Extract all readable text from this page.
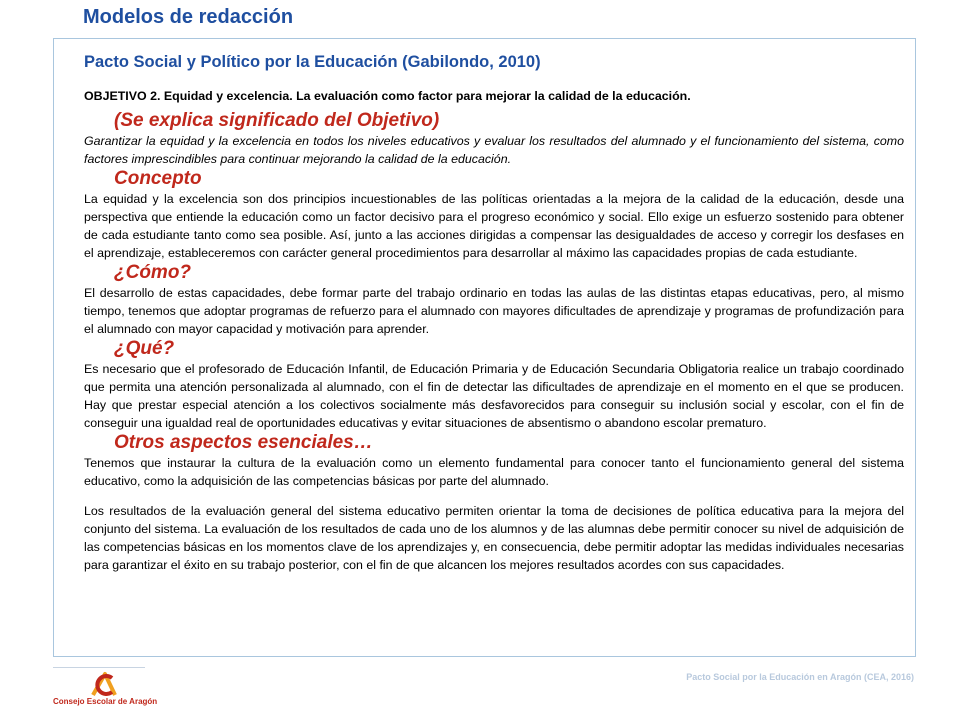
Modelos de redacción

Pacto Social y Político por la Educación (Gabilondo, 2010)

OBJETIVO 2. Equidad y excelencia. La evaluación como factor para mejorar la calidad de la educación.

(Se explica significado del Objetivo)

Garantizar la equidad y la excelencia en todos los niveles educativos y evaluar los resultados del alumnado y el funcionamiento del sistema, como factores imprescindibles para continuar mejorando la calidad de la educación.

Concepto

La equidad y la excelencia son dos principios incuestionables de las políticas orientadas a la mejora de la calidad de la educación, desde una perspectiva que entiende la educación como un factor decisivo para el progreso económico y social. Ello exige un esfuerzo sostenido para obtener de cada estudiante tanto como sea posible. Así, junto a las acciones dirigidas a compensar las desigualdades de acceso y corregir los desfases en el aprendizaje, estableceremos con carácter general procedimientos para desarrollar al máximo las capacidades propias de cada estudiante.

¿Cómo?

El desarrollo de estas capacidades, debe formar parte del trabajo ordinario en todas las aulas de las distintas etapas educativas, pero, al mismo tiempo, tenemos que adoptar programas de refuerzo para el alumnado con mayores dificultades de aprendizaje y programas de profundización para el alumnado con mayor capacidad y motivación para aprender.

¿Qué?

Es necesario que el profesorado de Educación Infantil, de Educación Primaria y de Educación Secundaria Obligatoria realice un trabajo coordinado que permita una atención personalizada al alumnado, con el fin de detectar las dificultades de aprendizaje en el momento en el que se producen. Hay que prestar especial atención a los colectivos socialmente más desfavorecidos para conseguir su inclusión social y escolar, con el fin de conseguir una igualdad real de oportunidades educativas y evitar situaciones de absentismo o abandono escolar prematuro.

Otros aspectos esenciales…

Tenemos que instaurar la cultura de la evaluación como un elemento fundamental para conocer tanto el funcionamiento general del sistema educativo, como la adquisición de las competencias básicas por parte del alumnado.

Los resultados de la evaluación general del sistema educativo permiten orientar la toma de decisiones de política educativa para la mejora del conjunto del sistema. La evaluación de los resultados de cada uno de los alumnos y de las alumnas debe permitir conocer su nivel de adquisición de las competencias básicas en los momentos clave de los aprendizajes y, en consecuencia, debe permitir adoptar las medidas individuales necesarias para garantizar el éxito en su trabajo posterior, con el fin de que alcancen los mejores resultados acordes con sus capacidades.

Consejo Escolar de Aragón
Pacto Social por la Educación en Aragón (CEA, 2016)
